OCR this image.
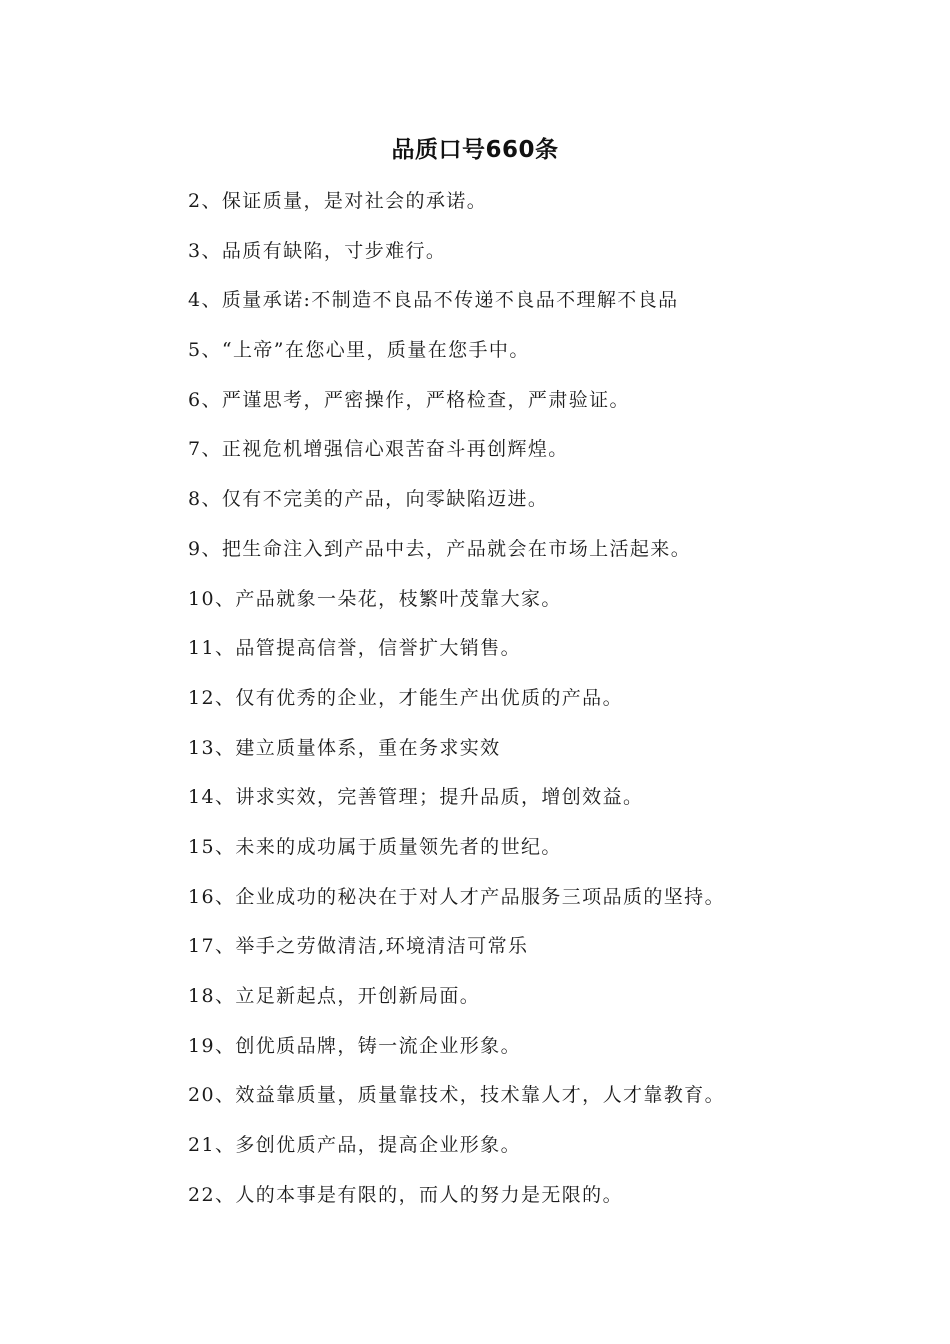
品质口号660条
2、保证质量，是对社会的承诺。
3、品质有缺陷，寸步难行。
4、质量承诺:不制造不良品不传递不良品不理解不良品
5、“上帝”在您心里，质量在您手中。
6、严谨思考，严密操作，严格检查，严肃验证。
7、正视危机增强信心艰苦奋斗再创辉煌。
8、仅有不完美的产品，向零缺陷迈进。
9、把生命注入到产品中去，产品就会在市场上活起来。
10、产品就象一朵花，枝繁叶茂靠大家。
11、品管提高信誉，信誉扩大销售。
12、仅有优秀的企业，才能生产出优质的产品。
13、建立质量体系，重在务求实效
14、讲求实效，完善管理；提升品质，增创效益。
15、未来的成功属于质量领先者的世纪。
16、企业成功的秘决在于对人才产品服务三项品质的坚持。
17、举手之劳做清洁,环境清洁可常乐
18、立足新起点，开创新局面。
19、创优质品牌，铸一流企业形象。
20、效益靠质量，质量靠技术，技术靠人才，人才靠教育。
21、多创优质产品，提高企业形象。
22、人的本事是有限的，而人的努力是无限的。
